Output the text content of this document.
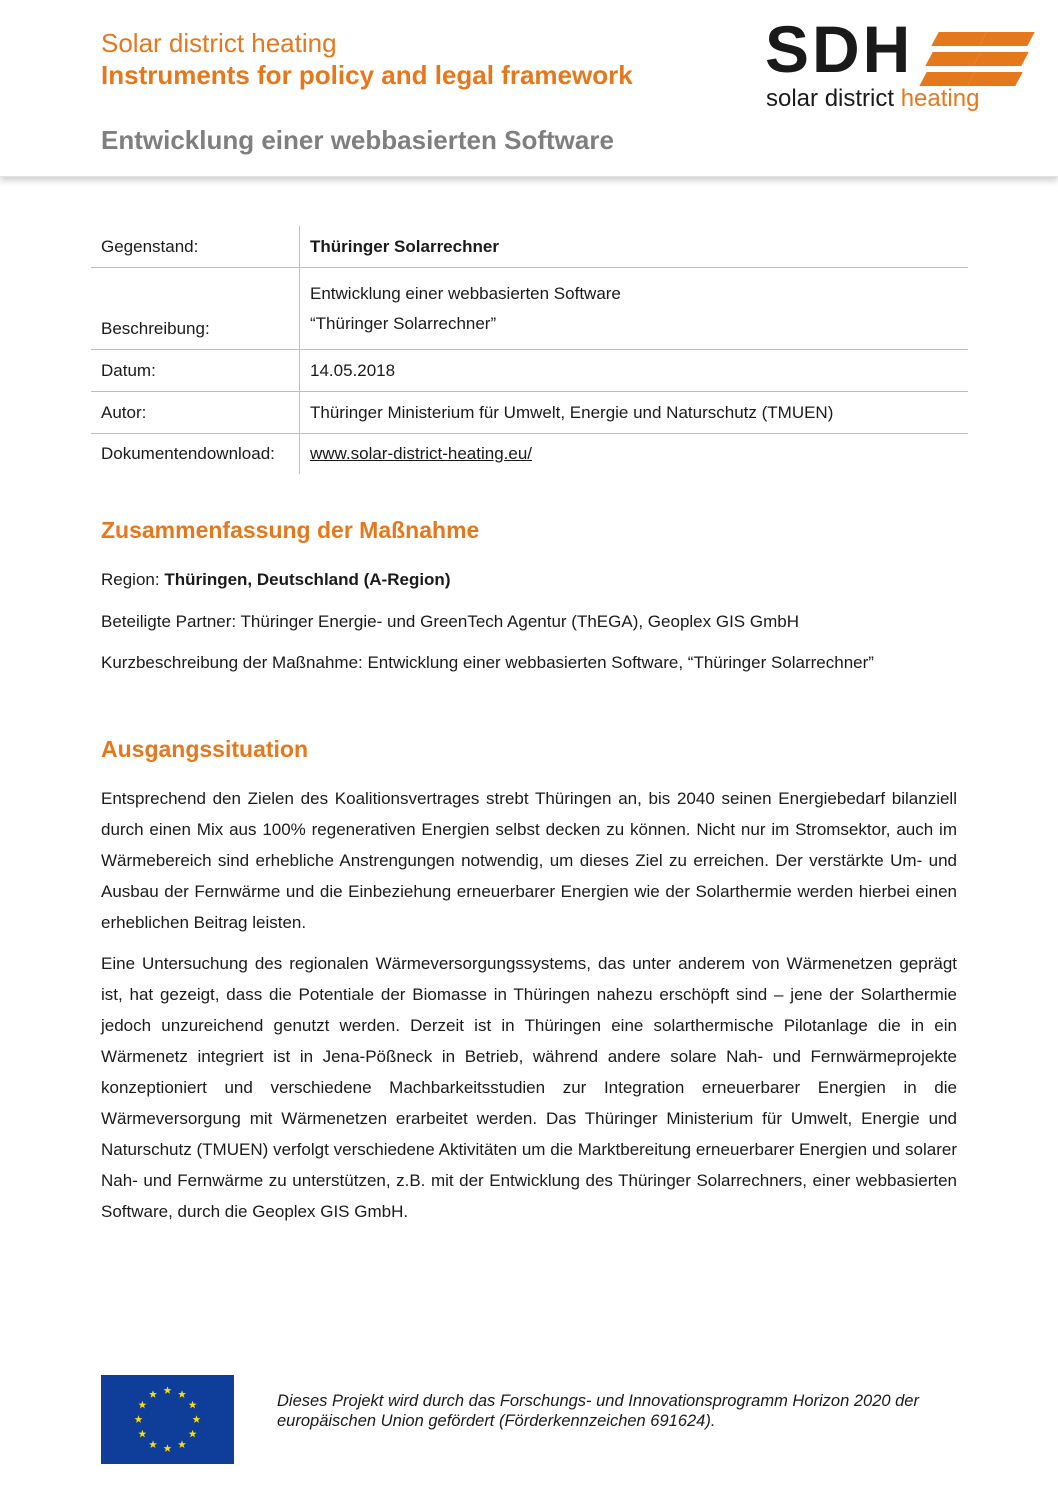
Solar district heating
Instruments for policy and legal framework
Entwicklung einer webbasierten Software
SDH
solar district heating
Gegenstand:	Thüringer Solarrechner
Beschreibung:	Entwicklung einer webbasierten Software
“Thüringer Solarrechner”

Datum:	14.05.2018
Autor:	Thüringer Ministerium für Umwelt, Energie und Naturschutz (TMUEN)
Dokumentendownload:	www.solar-district-heating.eu/
Zusammenfassung der Maßnahme
Region: Thüringen, Deutschland (A-Region)
Beteiligte Partner: Thüringer Energie- und GreenTech Agentur (ThEGA), Geoplex GIS GmbH
Kurzbeschreibung der Maßnahme: Entwicklung einer webbasierten Software, “Thüringer Solarrechner”
Ausgangssituation

Entsprechend den Zielen des Koalitionsvertrages strebt Thüringen an, bis 2040 seinen Energiebedarf bilanziell durch einen Mix aus 100% regenerativen Energien selbst decken zu können. Nicht nur im Stromsektor, auch im Wärmebereich sind erhebliche Anstrengungen notwendig, um dieses Ziel zu erreichen. Der verstärkte Um- und Ausbau der Fernwärme und die Einbeziehung erneuerbarer Energien wie der Solarthermie werden hierbei einen erheblichen Beitrag leisten.

Eine Untersuchung des regionalen Wärmeversorgungssystems, das unter anderem von Wärmenetzen geprägt ist, hat gezeigt, dass die Potentiale der Biomasse in Thüringen nahezu erschöpft sind – jene der Solarthermie jedoch unzureichend genutzt werden. Derzeit ist in Thüringen eine solarthermische Pilotanlage die in ein Wärmenetz integriert ist in Jena-Pößneck in Betrieb, während andere solare Nah- und Fernwärmeprojekte konzeptioniert und verschiedene Machbarkeitsstudien zur Integration erneuerbarer Energien in die Wärmeversorgung mit Wärmenetzen erarbeitet werden. Das Thüringer Ministerium für Umwelt, Energie und Naturschutz (TMUEN) verfolgt verschiedene Aktivitäten um die Marktbereitung erneuerbarer Energien und solarer Nah- und Fernwärme zu unterstützen, z.B. mit der Entwicklung des Thüringer Solarrechners, einer webbasierten Software, durch die Geoplex GIS GmbH.

Dieses Projekt wird durch das Forschungs- und Innovationsprogramm Horizon 2020 der europäischen Union gefördert (Förderkennzeichen 691624).
